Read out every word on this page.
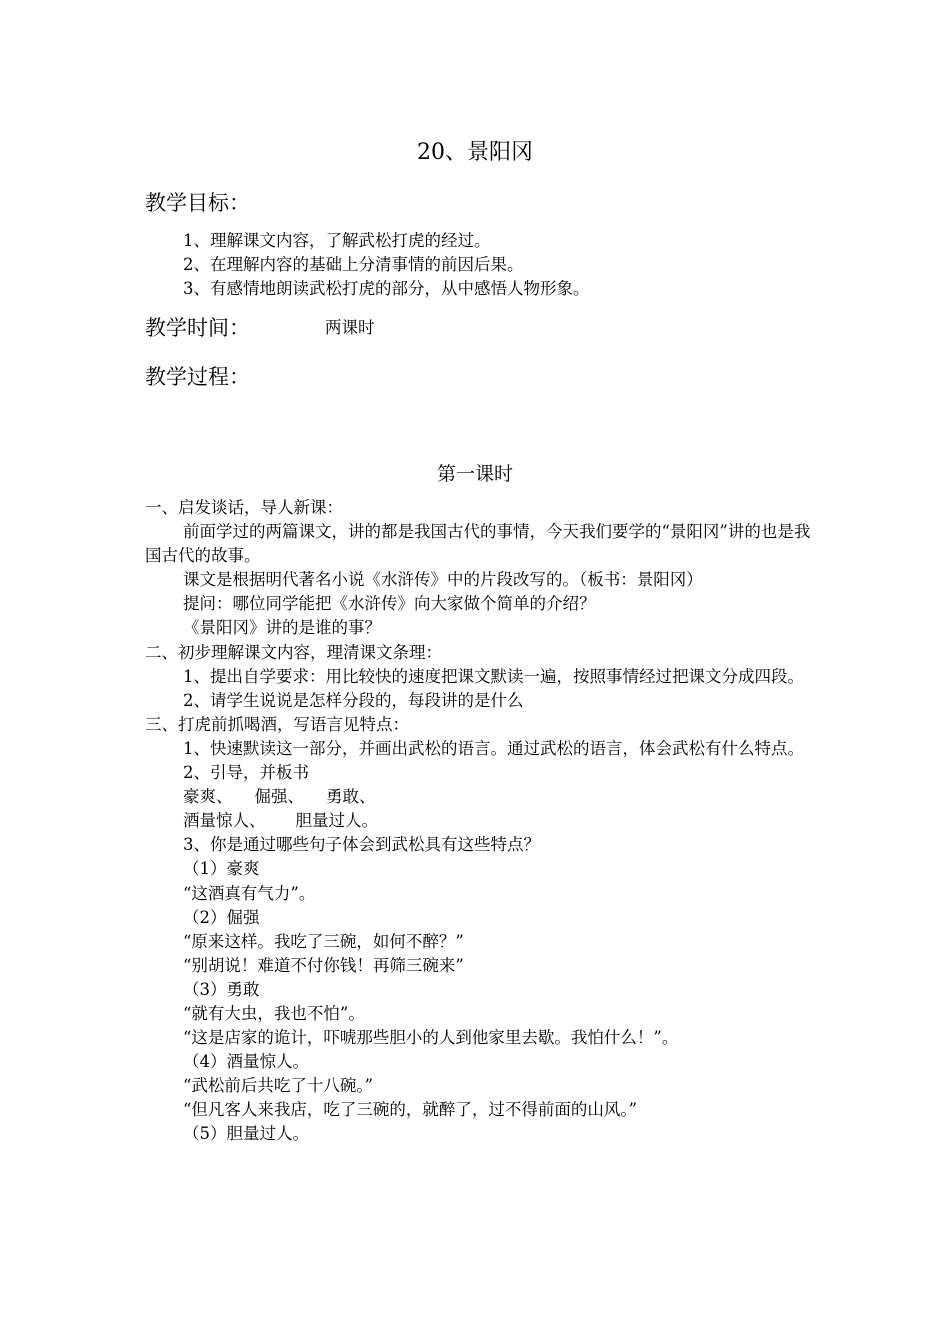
20、景阳冈
教学目标：
1、理解课文内容，了解武松打虎的经过。
2、在理解内容的基础上分清事情的前因后果。
3、有感情地朗读武松打虎的部分，从中感悟人物形象。
教学时间：	两课时
教学过程：
第一课时
一、启发谈话，导人新课：
前面学过的两篇课文，讲的都是我国古代的事情，今天我们要学的“景阳冈”讲的也是我国古代的故事。
课文是根据明代著名小说《水浒传》中的片段改写的。（板书：景阳冈）
提问：哪位同学能把《水浒传》向大家做个简单的介绍？
《景阳冈》讲的是谁的事？
二、初步理解课文内容，理清课文条理：
1、提出自学要求：用比较快的速度把课文默读一遍，按照事情经过把课文分成四段。
2、请学生说说是怎样分段的，每段讲的是什么
三、打虎前抓喝酒，写语言见特点：
1、快速默读这一部分，并画出武松的语言。通过武松的语言，体会武松有什么特点。
2、引导，并板书
豪爽、 倔强、 勇敢、
酒量惊人、 胆量过人。
3、你是通过哪些句子体会到武松具有这些特点？
（1）豪爽
“这酒真有气力”。
（2）倔强
“原来这样。我吃了三碗，如何不醉？”
“别胡说！难道不付你钱！再筛三碗来”
（3）勇敢
“就有大虫，我也不怕”。
“这是店家的诡计，吓唬那些胆小的人到他家里去歇。我怕什么！”。
（4）酒量惊人。
“武松前后共吃了十八碗。”
“但凡客人来我店，吃了三碗的，就醉了，过不得前面的山风。”
（5）胆量过人。
